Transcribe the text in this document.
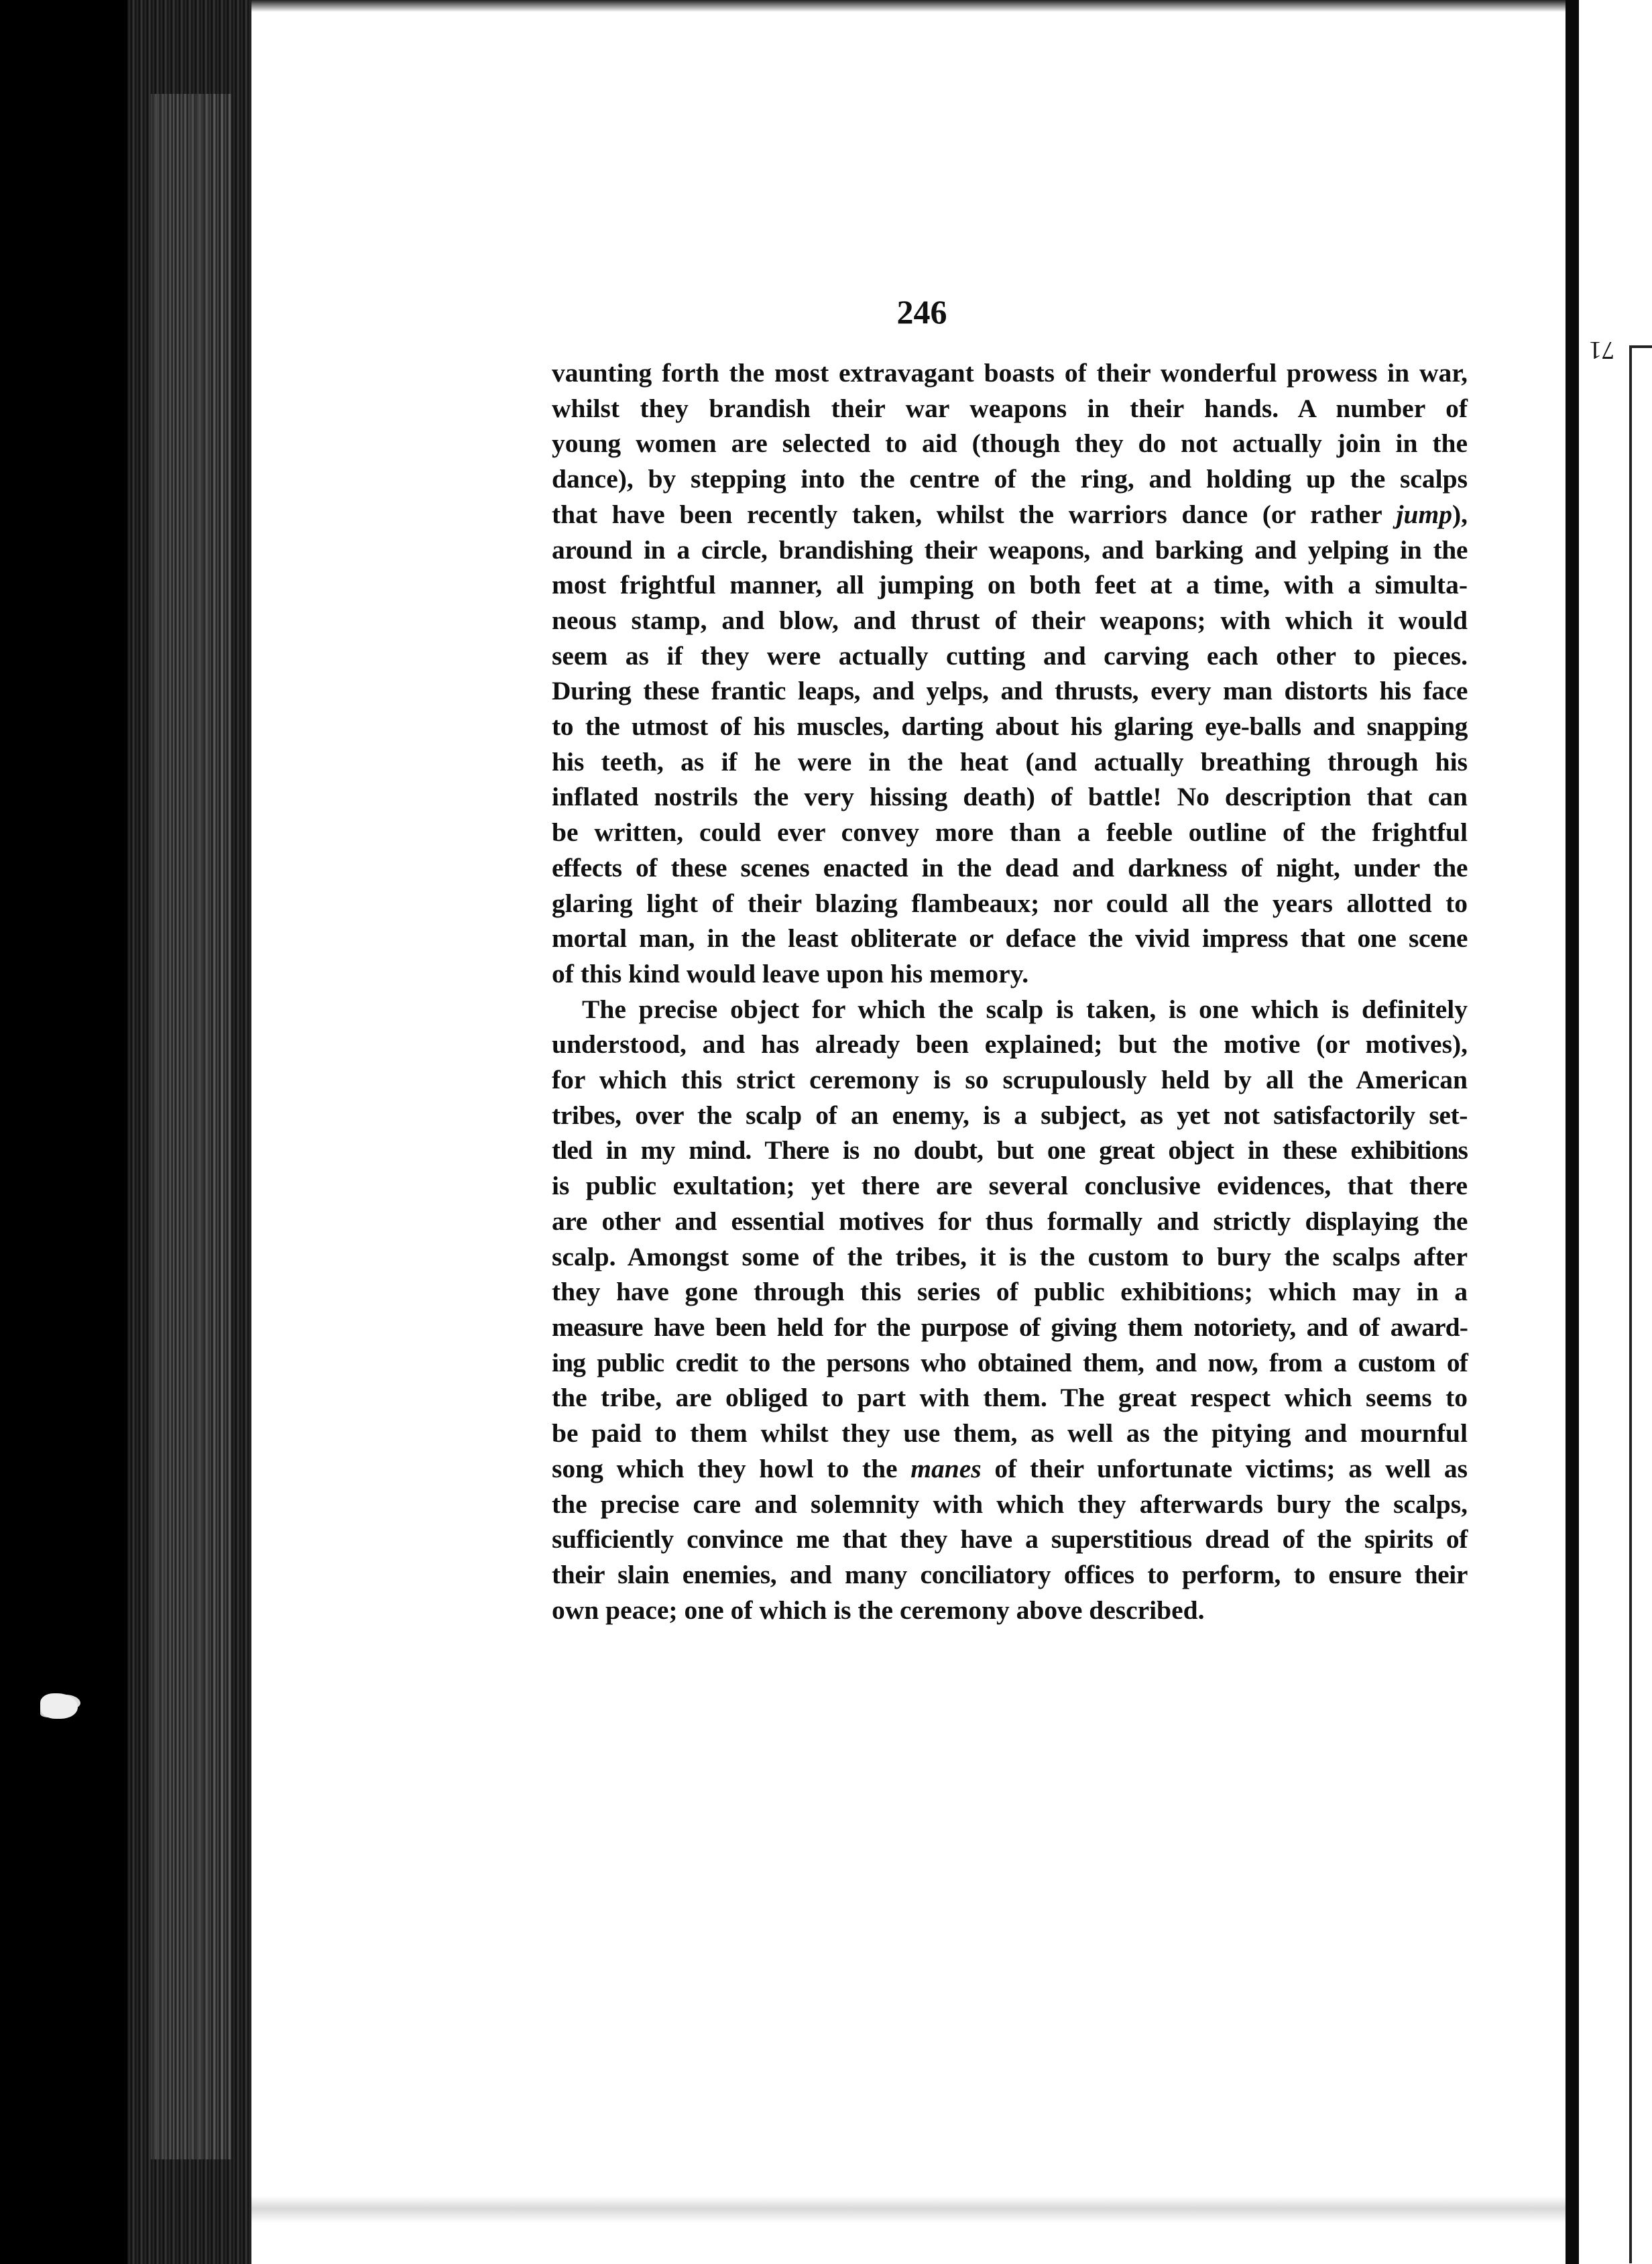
246
71
vaunting forth the most extravagant boasts of their wonderful prowess in war,
whilst they brandish their war weapons in their hands. A number of
young women are selected to aid (though they do not actually join in the
dance), by stepping into the centre of the ring, and holding up the scalps
that have been recently taken, whilst the warriors dance (or rather jump),
around in a circle, brandishing their weapons, and barking and yelping in the
most frightful manner, all jumping on both feet at a time, with a simulta-
neous stamp, and blow, and thrust of their weapons; with which it would
seem as if they were actually cutting and carving each other to pieces.
During these frantic leaps, and yelps, and thrusts, every man distorts his face
to the utmost of his muscles, darting about his glaring eye-balls and snapping
his teeth, as if he were in the heat (and actually breathing through his
inflated nostrils the very hissing death) of battle! No description that can
be written, could ever convey more than a feeble outline of the frightful
effects of these scenes enacted in the dead and darkness of night, under the
glaring light of their blazing flambeaux; nor could all the years allotted to
mortal man, in the least obliterate or deface the vivid impress that one scene
of this kind would leave upon his memory.
The precise object for which the scalp is taken, is one which is definitely
understood, and has already been explained; but the motive (or motives),
for which this strict ceremony is so scrupulously held by all the American
tribes, over the scalp of an enemy, is a subject, as yet not satisfactorily set-
tled in my mind. There is no doubt, but one great object in these exhibitions
is public exultation; yet there are several conclusive evidences, that there
are other and essential motives for thus formally and strictly displaying the
scalp. Amongst some of the tribes, it is the custom to bury the scalps after
they have gone through this series of public exhibitions; which may in a
measure have been held for the purpose of giving them notoriety, and of award-
ing public credit to the persons who obtained them, and now, from a custom of
the tribe, are obliged to part with them. The great respect which seems to
be paid to them whilst they use them, as well as the pitying and mournful
song which they howl to the manes of their unfortunate victims; as well as
the precise care and solemnity with which they afterwards bury the scalps,
sufficiently convince me that they have a superstitious dread of the spirits of
their slain enemies, and many conciliatory offices to perform, to ensure their
own peace; one of which is the ceremony above described.
